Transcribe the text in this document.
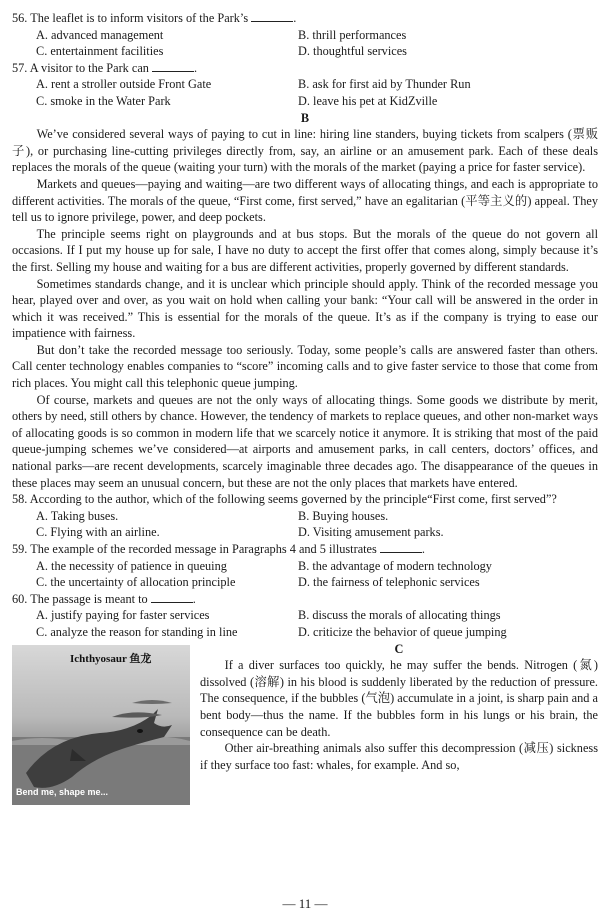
56. The leaflet is to inform visitors of the Park’s	.
A. advanced management	B. thrill performances
C. entertainment facilities	D. thoughtful services
57. A visitor to the Park can	.
A. rent a stroller outside Front Gate	B. ask for first aid by Thunder Run
C. smoke in the Water Park	D. leave his pet at KidZville
B

We’ve considered several ways of paying to cut in line: hiring line standers, buying tickets from scalpers (票贩子), or purchasing line-cutting privileges directly from, say, an airline or an amusement park. Each of these deals replaces the morals of the queue (waiting your turn) with the morals of the market (paying a price for faster service).

Markets and queues—paying and waiting—are two different ways of allocating things, and each is appropriate to different activities. The morals of the queue, “First come, first served,” have an egalitarian (平等主义的) appeal. They tell us to ignore privilege, power, and deep pockets.

The principle seems right on playgrounds and at bus stops. But the morals of the queue do not govern all occasions. If I put my house up for sale, I have no duty to accept the first offer that comes along, simply because it’s the first. Selling my house and waiting for a bus are different activities, properly governed by different standards.

Sometimes standards change, and it is unclear which principle should apply. Think of the recorded message you hear, played over and over, as you wait on hold when calling your bank: “Your call will be answered in the order in which it was received.” This is essential for the morals of the queue. It’s as if the company is trying to ease our impatience with fairness.

But don’t take the recorded message too seriously. Today, some people’s calls are answered faster than others. Call center technology enables companies to “score” incoming calls and to give faster service to those that come from rich places. You might call this telephonic queue jumping.

Of course, markets and queues are not the only ways of allocating things. Some goods we distribute by merit, others by need, still others by chance. However, the tendency of markets to replace queues, and other non-market ways of allocating goods is so common in modern life that we scarcely notice it anymore. It is striking that most of the paid queue-jumping schemes we’ve considered—at airports and amusement parks, in call centers, doctors’ offices, and national parks—are recent developments, scarcely imaginable three decades ago. The disappearance of the queues in these places may seem an unusual concern, but these are not the only places that markets have entered.

58. According to the author, which of the following seems governed by the principle“First come, first served”?
A. Taking buses.	B. Buying houses.
C. Flying with an airline.	D. Visiting amusement parks.
59. The example of the recorded message in Paragraphs 4 and 5 illustrates	.
A. the necessity of patience in queuing	B. the advantage of modern technology
C. the uncertainty of allocation principle	D. the fairness of telephonic services
60. The passage is meant to	.
A. justify paying for faster services	B. discuss the morals of allocating things
C. analyze the reason for standing in line	D. criticize the behavior of queue jumping
Ichthyosaur 鱼龙
Bend me, shape me...
C

If a diver surfaces too quickly, he may suffer the bends. Nitrogen (氮) dissolved (溶解) in his blood is suddenly liberated by the reduction of pressure. The consequence, if the bubbles (气泡) accumulate in a joint, is sharp pain and a bent body—thus the name. If the bubbles form in his lungs or his brain, the consequence can be death.

Other air-breathing animals also suffer this decompression (减压) sickness if they surface too fast: whales, for example. And so,

— 11 —
